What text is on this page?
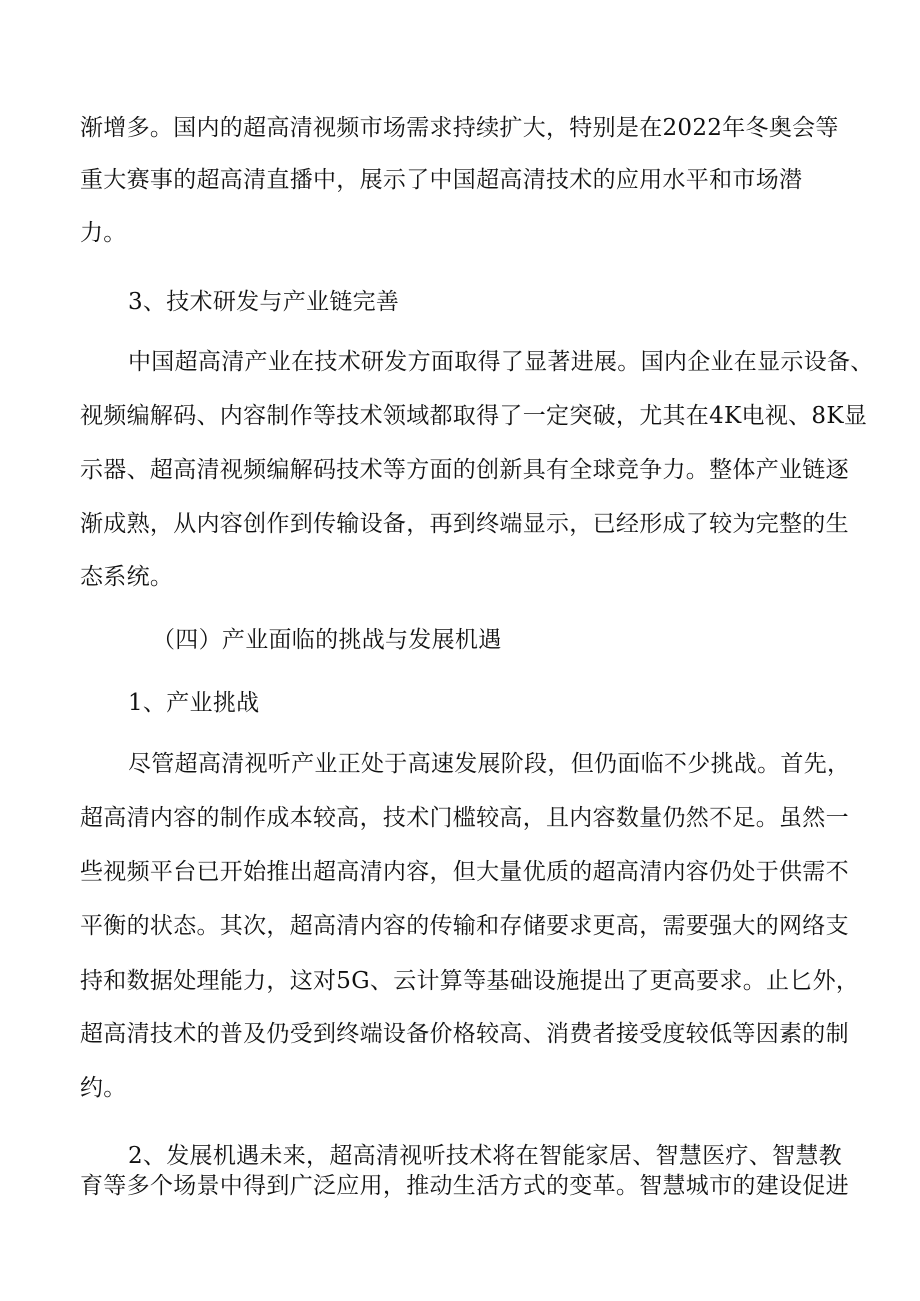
渐增多。国内的超高清视频市场需求持续扩大，特别是在2022年冬奥会等
重大赛事的超高清直播中，展示了中国超高清技术的应用水平和市场潜
力。
3、技术研发与产业链完善
中国超高清产业在技术研发方面取得了显著进展。国内企业在显示设备、
视频编解码、内容制作等技术领域都取得了一定突破，尤其在4K电视、8K显
示器、超高清视频编解码技术等方面的创新具有全球竞争力。整体产业链逐
渐成熟，从内容创作到传输设备，再到终端显示，已经形成了较为完整的生
态系统。
（四）产业面临的挑战与发展机遇
1、产业挑战
尽管超高清视听产业正处于高速发展阶段，但仍面临不少挑战。首先，
超高清内容的制作成本较高，技术门槛较高，且内容数量仍然不足。虽然一
些视频平台已开始推出超高清内容，但大量优质的超高清内容仍处于供需不
平衡的状态。其次，超高清内容的传输和存储要求更高，需要强大的网络支
持和数据处理能力，这对5G、云计算等基础设施提出了更高要求。止匕外，
超高清技术的普及仍受到终端设备价格较高、消费者接受度较低等因素的制
约。
2、发展机遇未来，超高清视听技术将在智能家居、智慧医疗、智慧教
育等多个场景中得到广泛应用，推动生活方式的变革。智慧城市的建设促进
